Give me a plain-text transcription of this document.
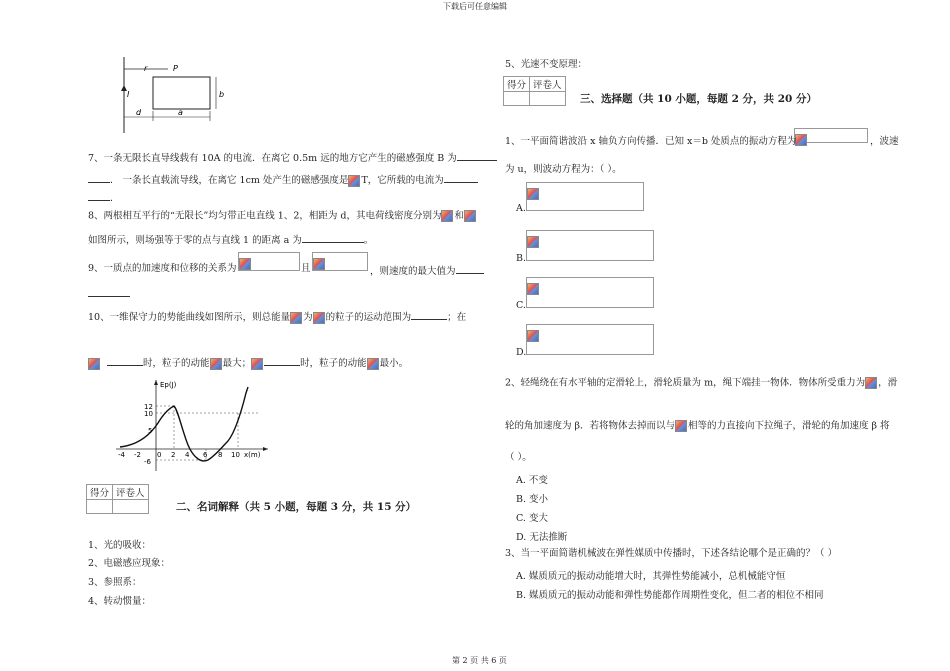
下载后可任意编辑
第 2 页 共 6 页
r	P
I	b
d	a
7、一条无限长直导线载有 10A 的电流．在离它 0.5m 远的地方它产生的磁感强度 B 为
． 一条长直载流导线，在离它 1cm 处产生的磁感强度是 T，它所载的电流为
．
8、两根相互平行的“无限长”均匀带正电直线 1、2，相距为 d，其电荷线密度分别为 和
如图所示，则场强等于零的点与直线 1 的距离 a 为	。
9、一质点的加速度和位移的关系为	且	，则速度的最大值为
10、一维保守力的势能曲线如图所示，则总能量 为 的粒子的运动范围为	；在
时，粒子的动能 最大；	时，粒子的动能 最小。
Ep(J)
x(m)
12
10
5
-6
-4 -2 0 2 4 6 8 10
得分	评卷人

二、名词解释（共 5 小题，每题 3 分，共 15 分）
1、光的吸收：
2、电磁感应现象：
3、参照系：
4、转动惯量：
5、光速不变原理：
得分	评卷人

三、选择题（共 10 小题，每题 2 分，共 20 分）
1、一平面简谐波沿 x 轴负方向传播．已知 x＝b 处质点的振动方程为	，波速
为 u，则波动方程为：（ ）。
A.
B.
C.
D.
2、轻绳绕在有水平轴的定滑轮上，滑轮质量为 m，绳下端挂一物体．物体所受重力为 ，滑
轮的角加速度为 β．若将物体去掉而以与 相等的力直接向下拉绳子，滑轮的角加速度 β 将
（ ）。
A. 不变
B. 变小
C. 变大
D. 无法推断
3、当一平面简谐机械波在弹性媒质中传播时，下述各结论哪个是正确的？（ ）
A. 媒质质元的振动动能增大时，其弹性势能减小，总机械能守恒
B. 媒质质元的振动动能和弹性势能都作周期性变化，但二者的相位不相同
